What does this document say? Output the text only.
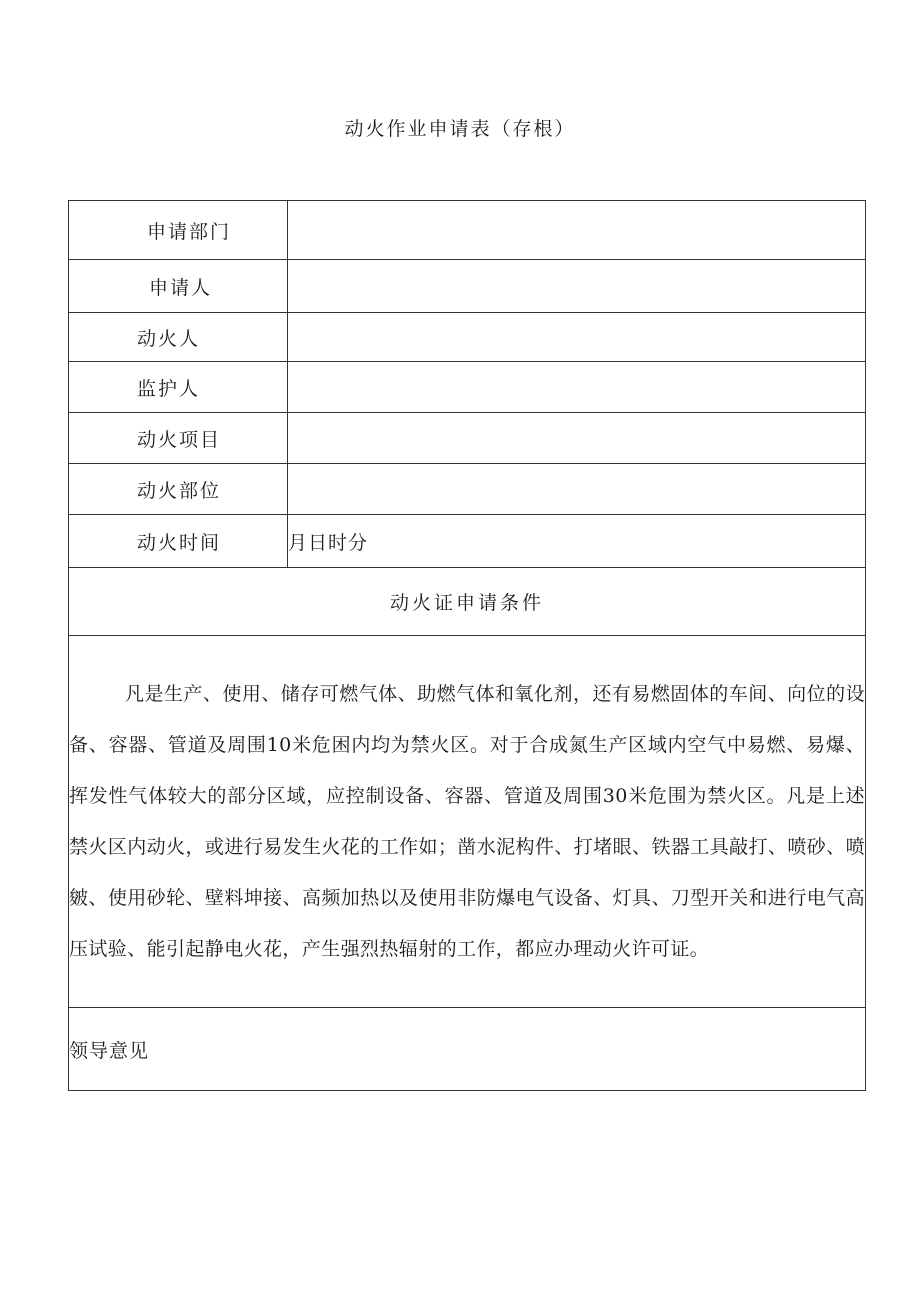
动火作业申请表（存根）
申请部门	

申请人	

动火人	

监护人	

动火项目	

动火部位	

动火时间	月日时分
动火证申请条件	
凡是生产、使用、储存可燃气体、助燃气体和氧化剂，还有易燃固体的车间、向位的设备、容器、管道及周围10米危困内均为禁火区。对于合成氮生产区域内空气中易燃、易爆、挥发性气体较大的部分区域，应控制设备、容器、管道及周围30米危围为禁火区。凡是上述禁火区内动火，或进行易发生火花的工作如；凿水泥构件、打堵眼、铁器工具敲打、喷砂、喷皴、使用砂轮、壁料坤接、高频加热以及使用非防爆电气设备、灯具、刀型开关和进行电气高压试验、能引起静电火花，产生强烈热辐射的工作，都应办理动火许可证。	
领导意见	
